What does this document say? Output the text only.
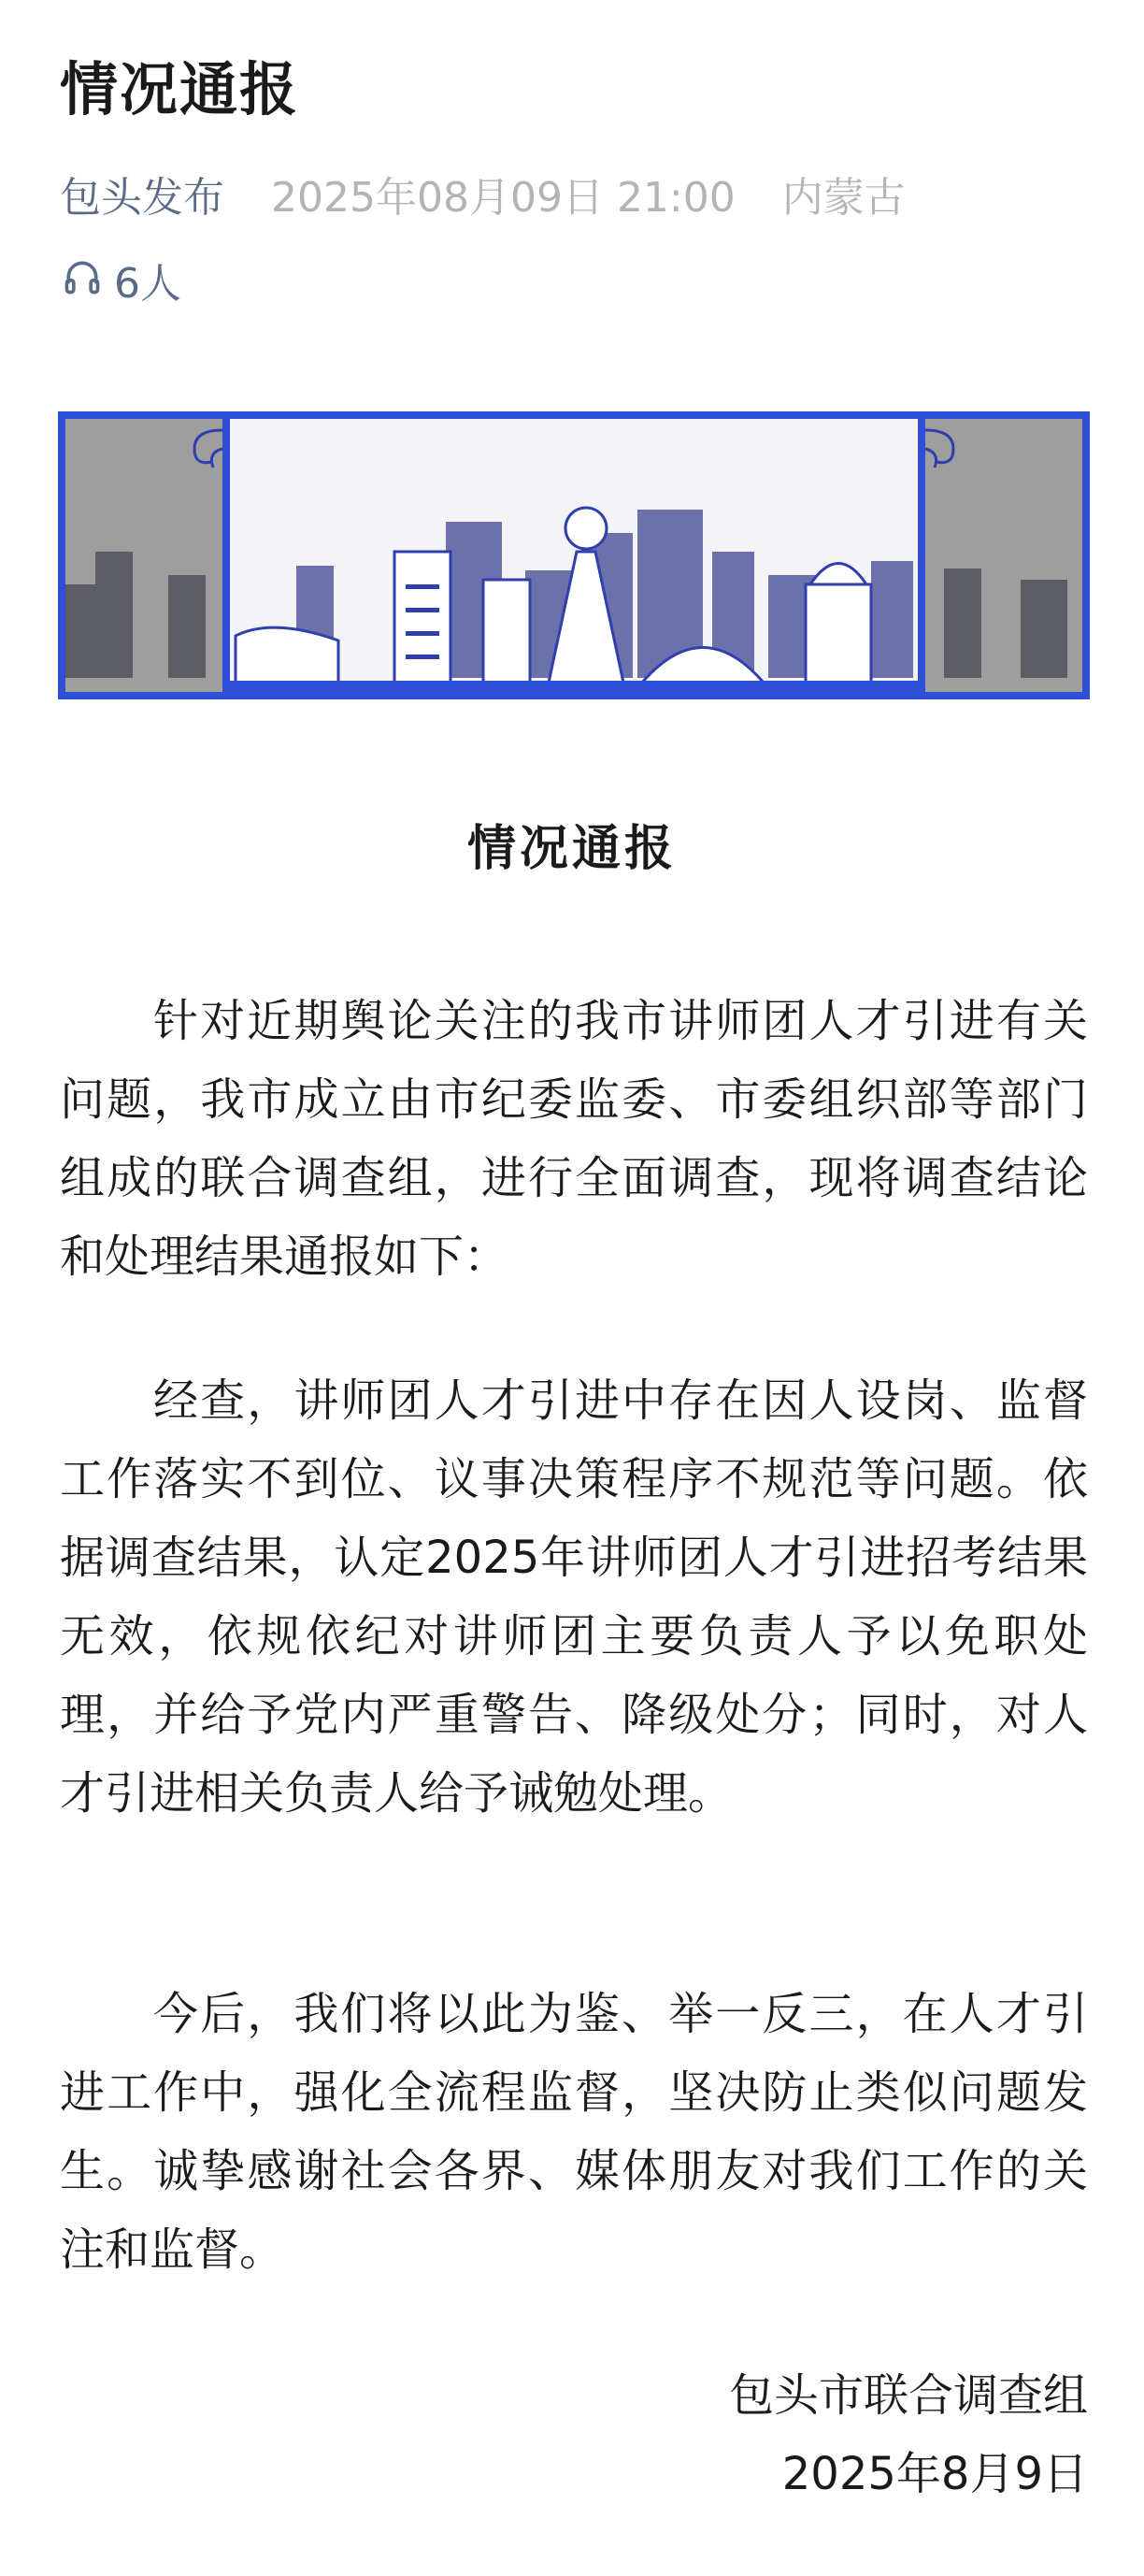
情况通报
包头发布 2025年08月09日 21:00 内蒙古
6人
情况通报

针对近期舆论关注的我市讲师团人才引进有关问题，我市成立由市纪委监委、市委组织部等部门组成的联合调查组，进行全面调查，现将调查结论和处理结果通报如下：

经查，讲师团人才引进中存在因人设岗、监督工作落实不到位、议事决策程序不规范等问题。依据调查结果，认定2025年讲师团人才引进招考结果无效，依规依纪对讲师团主要负责人予以免职处理，并给予党内严重警告、降级处分；同时，对人才引进相关负责人给予诫勉处理。

今后，我们将以此为鉴、举一反三，在人才引进工作中，强化全流程监督，坚决防止类似问题发生。诚挚感谢社会各界、媒体朋友对我们工作的关注和监督。

包头市联合调查组
2025年8月9日
